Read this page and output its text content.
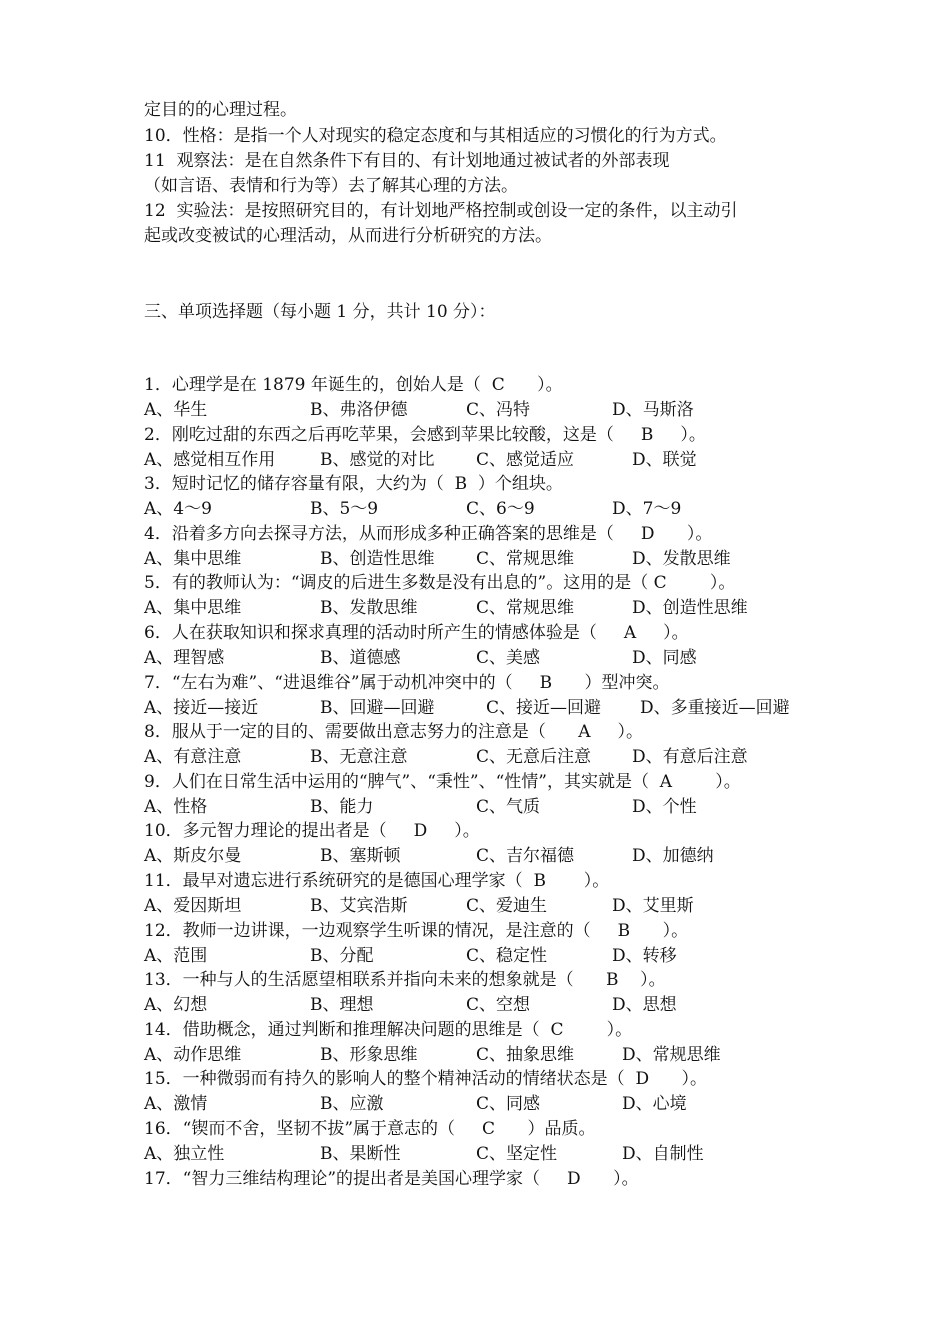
定目的的心理过程。
10．性格：是指一个人对现实的稳定态度和与其相适应的习惯化的行为方式。
11  观察法：是在自然条件下有目的、有计划地通过被试者的外部表现
（如言语、表情和行为等）去了解其心理的方法。
12  实验法：是按照研究目的，有计划地严格控制或创设一定的条件，以主动引
起或改变被试的心理活动，从而进行分析研究的方法。
三、单项选择题（每小题 1 分，共计 10 分）：
1．心理学是在 1879 年诞生的，创始人是（  C      ）。
A、华生	B、弗洛伊德	C、冯特	D、马斯洛
2．刚吃过甜的东西之后再吃苹果，会感到苹果比较酸，这是（     B     ）。
A、感觉相互作用	B、感觉的对比 C、感觉适应	D、联觉
3．短时记忆的储存容量有限，大约为（  B  ）个组块。
A、4～9	B、5～9	C、6～9	D、7～9
4．沿着多方向去探寻方法，从而形成多种正确答案的思维是（     D      ）。
A、集中思维	B、创造性思维 C、常规思维	D、发散思维
5．有的教师认为：“调皮的后进生多数是没有出息的”。这用的是（ C        ）。
A、集中思维	B、发散思维	C、常规思维	D、创造性思维
6．人在获取知识和探求真理的活动时所产生的情感体验是（     A     ）。
A、理智感	B、道德感	C、美感	D、同感
7．“左右为难”、“进退维谷”属于动机冲突中的（     B      ）型冲突。
A、接近—接近	B、回避—回避	C、接近—回避 D、多重接近—回避
8．服从于一定的目的、需要做出意志努力的注意是（      A     ）。
A、有意注意	B、无意注意	C、无意后注意 D、有意后注意
9．人们在日常生活中运用的“脾气”、“秉性”、“性情”，其实就是（  A        ）。
A、性格	B、能力	C、气质	D、个性
10．多元智力理论的提出者是（     D     ）。
A、斯皮尔曼	B、塞斯顿	C、吉尔福德	D、加德纳
11．最早对遗忘进行系统研究的是德国心理学家（  B       ）。
A、爱因斯坦	B、艾宾浩斯	C、爱迪生	D、艾里斯
12．教师一边讲课，一边观察学生听课的情况，是注意的（     B      ）。
A、范围	B、分配	C、稳定性	D、转移
13．一种与人的生活愿望相联系并指向未来的想象就是（      B    ）。
A、幻想	B、理想	C、空想	D、思想
14．借助概念，通过判断和推理解决问题的思维是（  C        ）。
A、动作思维	B、形象思维	C、抽象思维	D、常规思维
15．一种微弱而有持久的影响人的整个精神活动的情绪状态是（  D      ）。
A、激情	B、应激	C、同感	D、心境
16．“锲而不舍，坚韧不拔”属于意志的（     C      ）品质。
A、独立性	B、果断性	C、坚定性	D、自制性
17．“智力三维结构理论”的提出者是美国心理学家（     D      ）。
